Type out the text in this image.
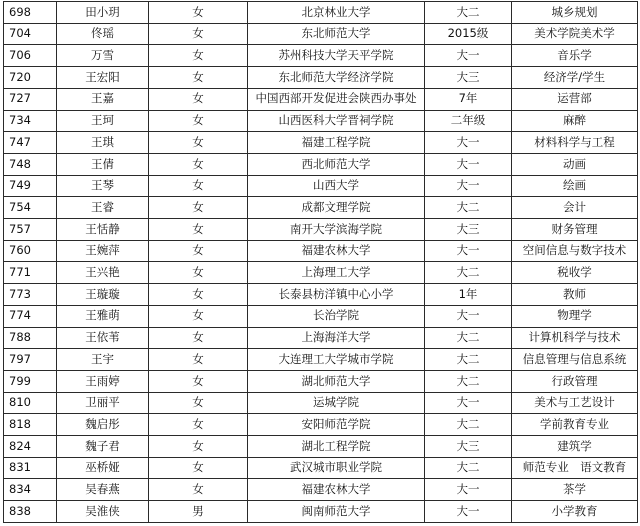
698	田小玥	女	北京林业大学	大二	城乡规划
704	佟瑶	女	东北师范大学	2015级	美术学院美术学
706	万雪	女	苏州科技大学天平学院	大一	音乐学
720	王宏阳	女	东北师范大学经济学院	大三	经济学/学生
727	王嘉	女	中国西部开发促进会陕西办事处	7年	运营部
734	王珂	女	山西医科大学晋祠学院	二年级	麻醉
747	王琪	女	福建工程学院	大一	材料科学与工程
748	王倩	女	西北师范大学	大一	动画
749	王琴	女	山西大学	大一	绘画
754	王睿	女	成都文理学院	大二	会计
757	王恬静	女	南开大学滨海学院	大三	财务管理
760	王婉萍	女	福建农林大学	大一	空间信息与数字技术
771	王兴艳	女	上海理工大学	大二	税收学
773	王璇璇	女	长泰县枋洋镇中心小学	1年	教师
774	王雅萌	女	长治学院	大一	物理学
788	王依苇	女	上海海洋大学	大二	计算机科学与技术
797	王宇	女	大连理工大学城市学院	大二	信息管理与信息系统
799	王雨婷	女	湖北师范大学	大二	行政管理
810	卫丽平	女	运城学院	大一	美术与工艺设计
818	魏启彤	女	安阳师范学院	大二	学前教育专业
824	魏子君	女	湖北工程学院	大三	建筑学
831	巫桥娅	女	武汉城市职业学院	大二	师范专业　语文教育
834	吴春燕	女	福建农林大学	大一	茶学
838	吴淮侠	男	闽南师范大学	大一	小学教育
